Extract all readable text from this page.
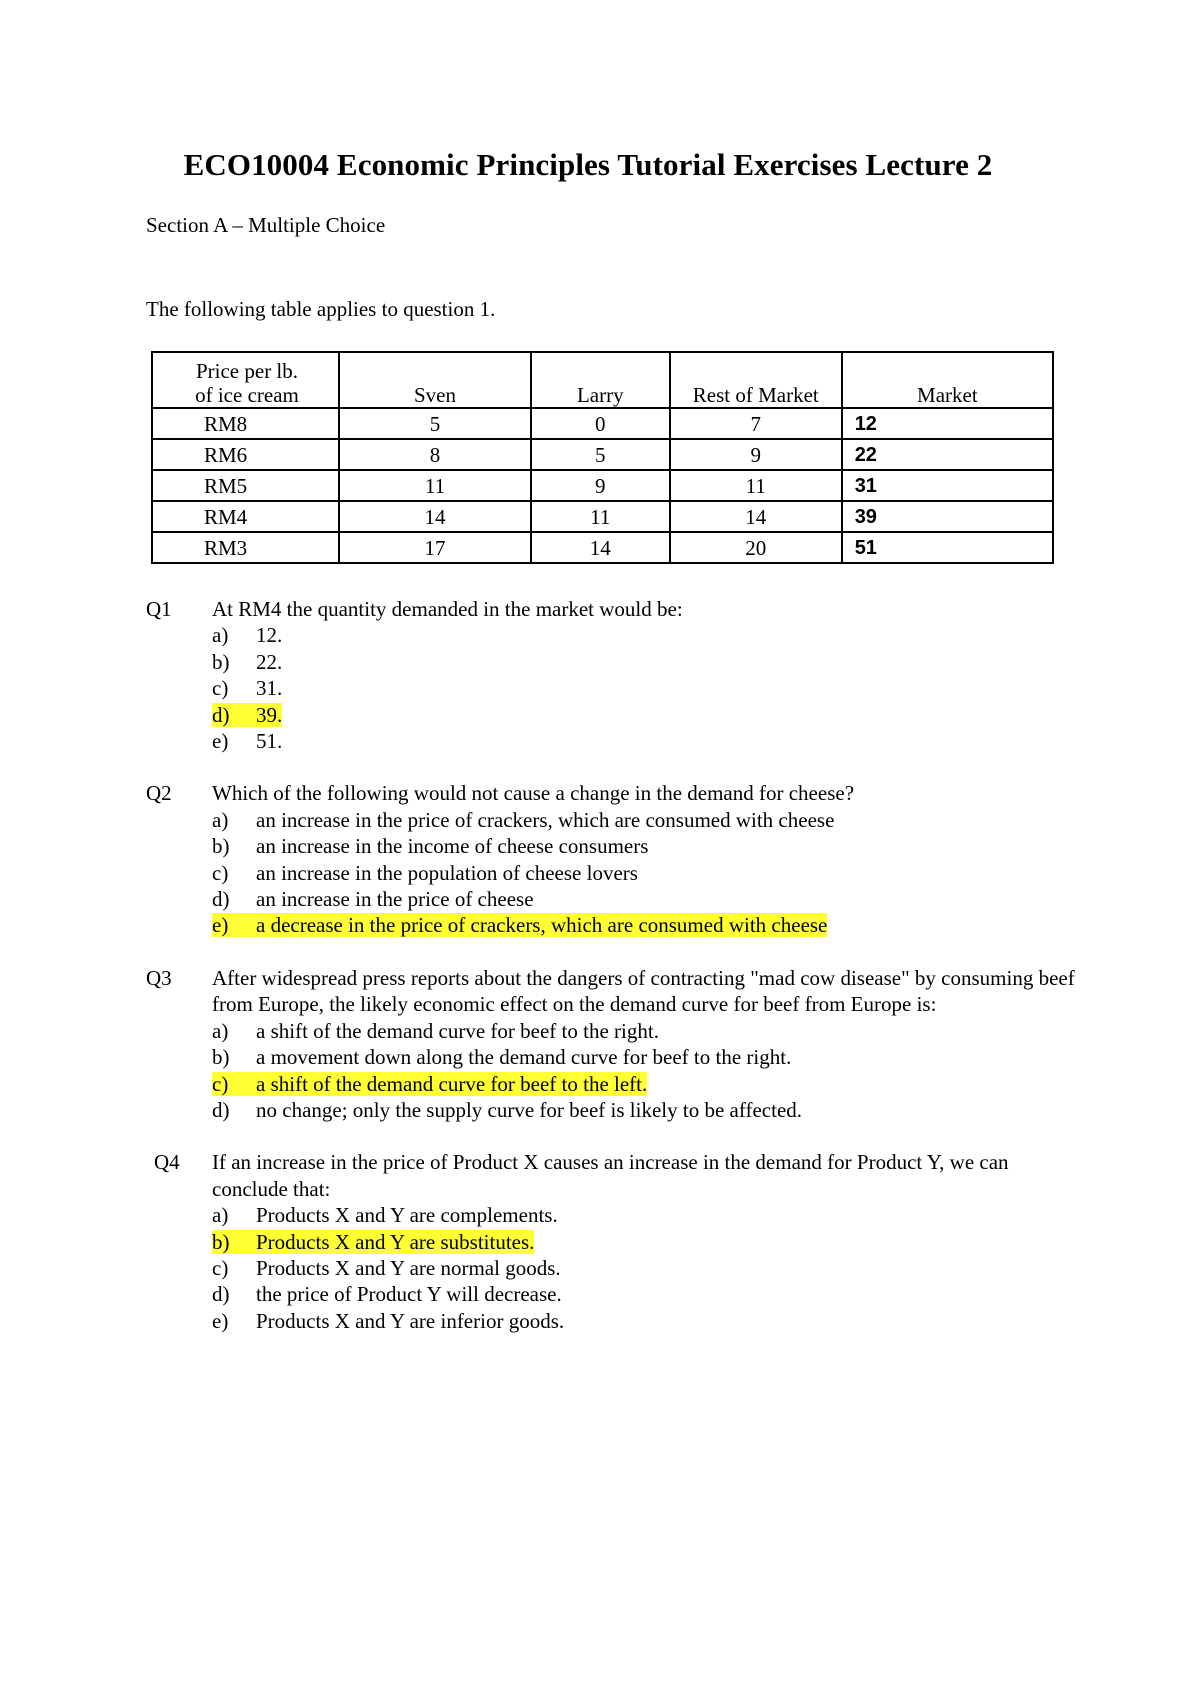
ECO10004 Economic Principles Tutorial Exercises Lecture 2
Section A – Multiple Choice
The following table applies to question 1.
Price per lb. of ice cream	Sven	Larry	Rest of Market	Market
RM8	5	0	7	12
RM6	8	5	9	22
RM5	11	9	11	31
RM4	14	11	14	39
RM3	17	14	20	51
Q1 At RM4 the quantity demanded in the market would be:
a) 12.
b) 22.
c) 31.
d) 39.
e) 51.
Q2 Which of the following would not cause a change in the demand for cheese?
a) an increase in the price of crackers, which are consumed with cheese
b) an increase in the income of cheese consumers
c) an increase in the population of cheese lovers
d) an increase in the price of cheese
e) a decrease in the price of crackers, which are consumed with cheese
Q3 After widespread press reports about the dangers of contracting "mad cow disease" by consuming beef from Europe, the likely economic effect on the demand curve for beef from Europe is:
a) a shift of the demand curve for beef to the right.
b) a movement down along the demand curve for beef to the right.
c) a shift of the demand curve for beef to the left.
d) no change; only the supply curve for beef is likely to be affected.
Q4 If an increase in the price of Product X causes an increase in the demand for Product Y, we can conclude that:
a) Products X and Y are complements.
b) Products X and Y are substitutes.
c) Products X and Y are normal goods.
d) the price of Product Y will decrease.
e) Products X and Y are inferior goods.
